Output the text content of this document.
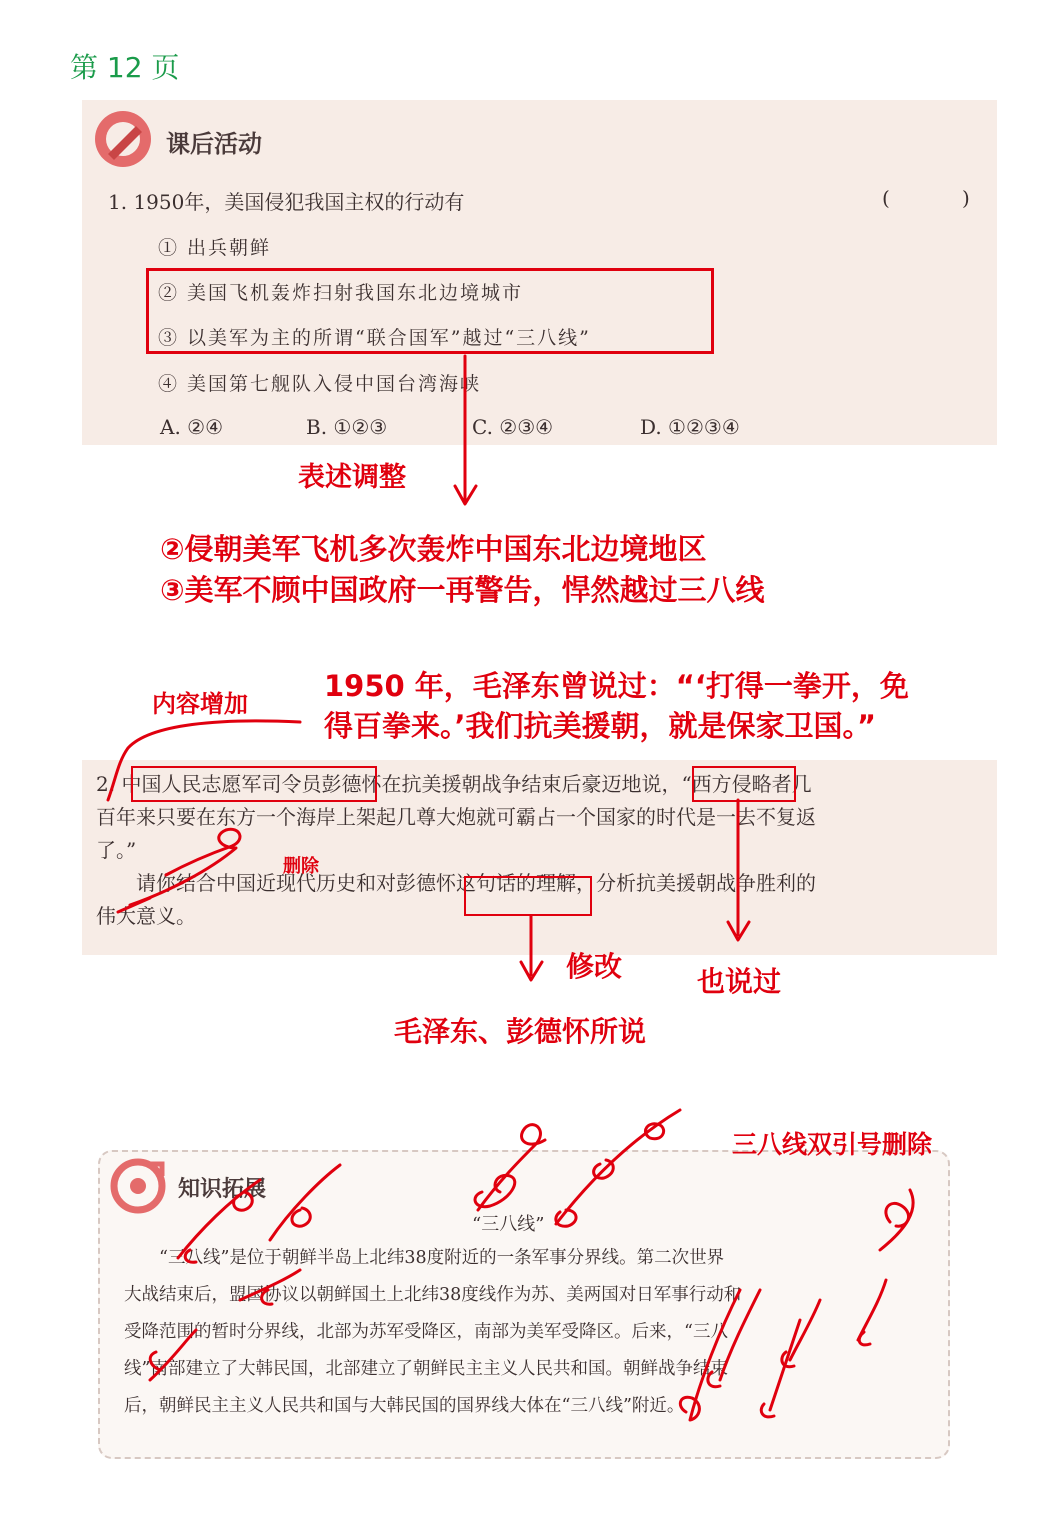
第 12 页
课后活动
1. 1950年，美国侵犯我国主权的行动有	(	)
① 出兵朝鲜
② 美国飞机轰炸扫射我国东北边境城市
③ 以美军为主的所谓“联合国军”越过“三八线”
④ 美国第七舰队入侵中国台湾海峡
A. ②④	B. ①②③	C. ②③④	D. ①②③④
2. 中国人民志愿军司令员彭德怀在抗美援朝战争结束后豪迈地说，“西方侵略者几
百年来只要在东方一个海岸上架起几尊大炮就可霸占一个国家的时代是一去不复返
了。”
　　请你结合中国近现代历史和对彭德怀这句话的理解，分析抗美援朝战争胜利的
伟大意义。
知识拓展
“三八线”
　　“三八线”是位于朝鲜半岛上北纬38度附近的一条军事分界线。第二次世界
大战结束后，盟国协议以朝鲜国土上北纬38度线作为苏、美两国对日军事行动和
受降范围的暂时分界线，北部为苏军受降区，南部为美军受降区。后来，“三八
线”南部建立了大韩民国，北部建立了朝鲜民主主义人民共和国。朝鲜战争结束
后，朝鲜民主主义人民共和国与大韩民国的国界线大体在“三八线”附近。
表述调整
②侵朝美军飞机多次轰炸中国东北边境地区
③美军不顾中国政府一再警告，悍然越过三八线
内容增加
1950 年，毛泽东曾说过：“‘打得一拳开，免
得百拳来。’我们抗美援朝，就是保家卫国。”
删除
修改	也说过
毛泽东、彭德怀所说
三八线双引号删除
